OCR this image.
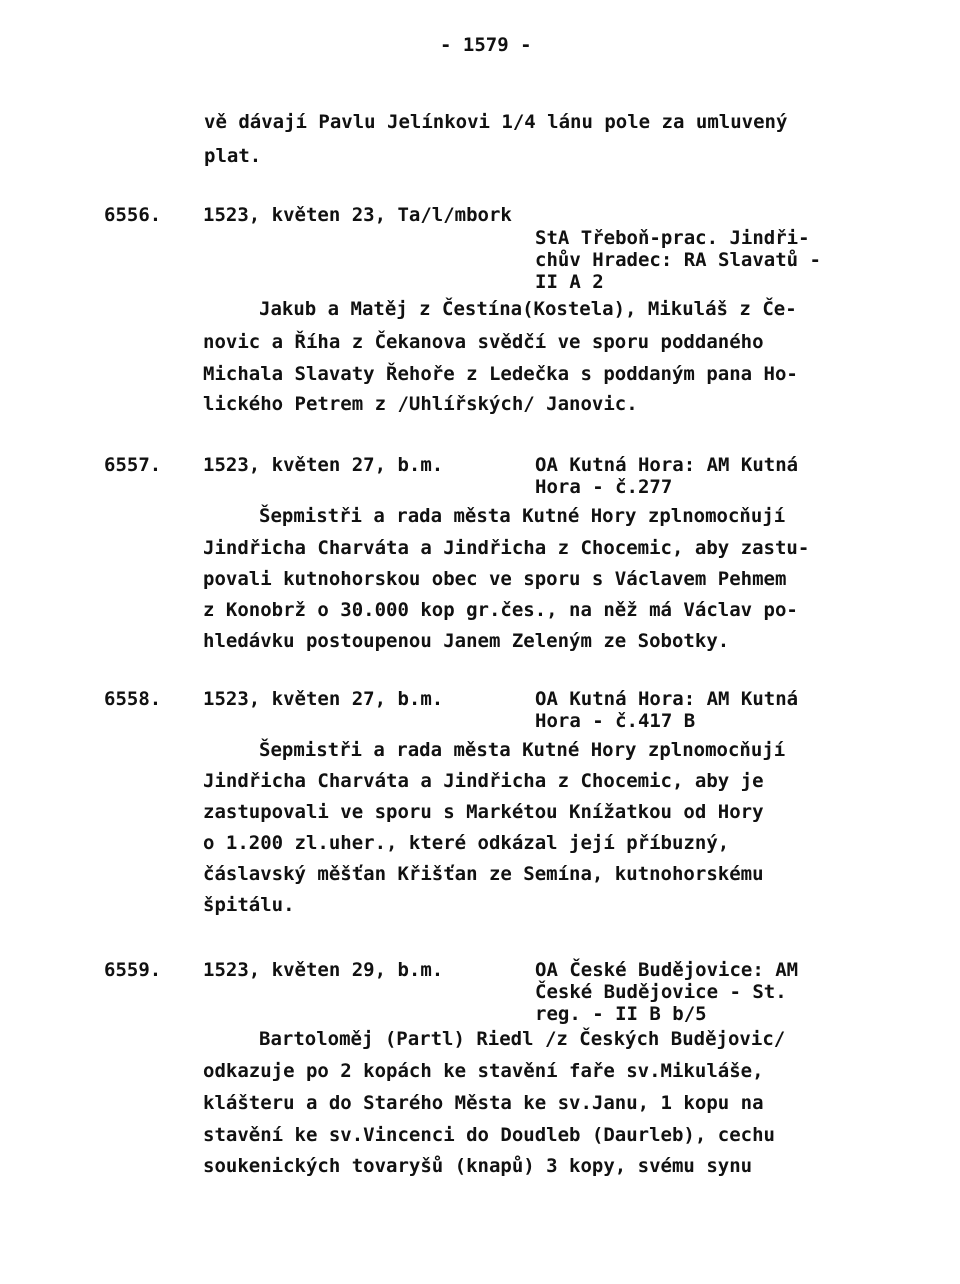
- 1579 -
vě dávají Pavlu Jelínkovi 1/4 lánu pole za umluvený
plat.
6556. 1523, květen 23, Ta/l/mbork
StA Třeboň-prac. Jindři-
chův Hradec: RA Slavatů -
II A 2
Jakub a Matěj z Čestína(Kostela), Mikuláš z Če-
novic a Říha z Čekanova svědčí ve sporu poddaného
Michala Slavaty Řehoře z Ledečka s poddaným pana Ho-
lického Petrem z /Uhlířských/ Janovic.
6557. 1523, květen 27, b.m.	OA Kutná Hora: AM Kutná
Hora - č.277
Šepmistři a rada města Kutné Hory zplnomocňují
Jindřicha Charváta a Jindřicha z Chocemic, aby zastu-
povali kutnohorskou obec ve sporu s Václavem Pehmem
z Konobrž o 30.000 kop gr.čes., na něž má Václav po-
hledávku postoupenou Janem Zeleným ze Sobotky.
6558. 1523, květen 27, b.m.	OA Kutná Hora: AM Kutná
Hora - č.417 B
Šepmistři a rada města Kutné Hory zplnomocňují
Jindřicha Charváta a Jindřicha z Chocemic, aby je
zastupovali ve sporu s Markétou Knížatkou od Hory
o 1.200 zl.uher., které odkázal její příbuzný,
čáslavský měšťan Křišťan ze Semína, kutnohorskému
špitálu.
6559. 1523, květen 29, b.m.	OA České Budějovice: AM
České Budějovice - St.
reg. - II B b/5
Bartoloměj (Partl) Riedl /z Českých Budějovic/
odkazuje po 2 kopách ke stavění faře sv.Mikuláše,
klášteru a do Starého Města ke sv.Janu, 1 kopu na
stavění ke sv.Vincenci do Doudleb (Daurleb), cechu
soukenických tovaryšů (knapů) 3 kopy, svému synu
